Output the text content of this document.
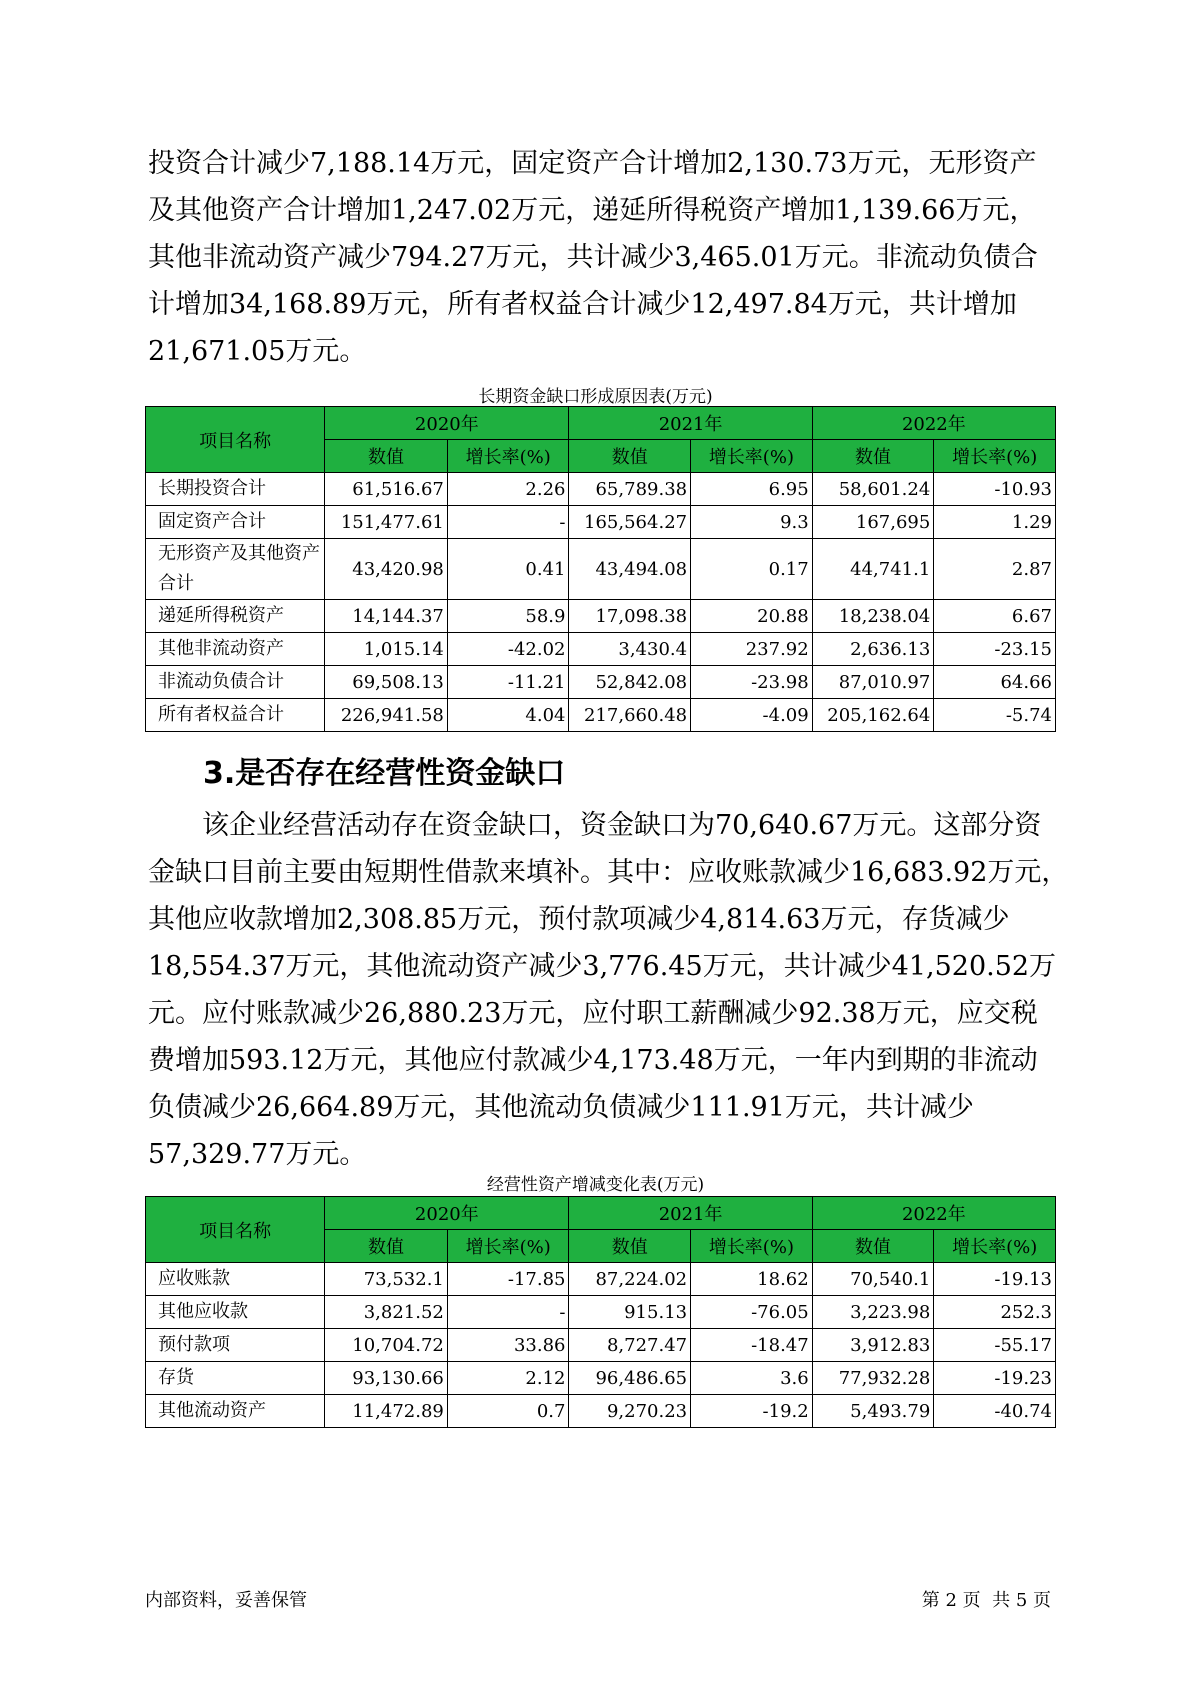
投资合计减少7,188.14万元，固定资产合计增加2,130.73万元，无形资产
及其他资产合计增加1,247.02万元，递延所得税资产增加1,139.66万元，
其他非流动资产减少794.27万元，共计减少3,465.01万元。非流动负债合
计增加34,168.89万元，所有者权益合计减少12,497.84万元，共计增加
21,671.05万元。
长期资金缺口形成原因表(万元)
项目名称	2020年		2021年		2022年	
	数值	增长率(%)	数值	增长率(%)	数值	增长率(%)
长期投资合计	61,516.67	2.26	65,789.38	6.95	58,601.24	-10.93
固定资产合计	151,477.61	-	165,564.27	9.3	167,695	1.29
无形资产及其他资产合计	43,420.98	0.41	43,494.08	0.17	44,741.1	2.87
递延所得税资产	14,144.37	58.9	17,098.38	20.88	18,238.04	6.67
其他非流动资产	1,015.14	-42.02	3,430.4	237.92	2,636.13	-23.15
非流动负债合计	69,508.13	-11.21	52,842.08	-23.98	87,010.97	64.66
所有者权益合计	226,941.58	4.04	217,660.48	-4.09	205,162.64	-5.74
3.是否存在经营性资金缺口
　　该企业经营活动存在资金缺口，资金缺口为70,640.67万元。这部分资
金缺口目前主要由短期性借款来填补。其中：应收账款减少16,683.92万元，
其他应收款增加2,308.85万元，预付款项减少4,814.63万元，存货减少
18,554.37万元，其他流动资产减少3,776.45万元，共计减少41,520.52万
元。应付账款减少26,880.23万元，应付职工薪酬减少92.38万元，应交税
费增加593.12万元，其他应付款减少4,173.48万元，一年内到期的非流动
负债减少26,664.89万元，其他流动负债减少111.91万元，共计减少
57,329.77万元。
经营性资产增减变化表(万元)
项目名称	2020年		2021年		2022年	
	数值	增长率(%)	数值	增长率(%)	数值	增长率(%)
应收账款	73,532.1	-17.85	87,224.02	18.62	70,540.1	-19.13
其他应收款	3,821.52	-	915.13	-76.05	3,223.98	252.3
预付款项	10,704.72	33.86	8,727.47	-18.47	3,912.83	-55.17
存货	93,130.66	2.12	96,486.65	3.6	77,932.28	-19.23
其他流动资产	11,472.89	0.7	9,270.23	-19.2	5,493.79	-40.74
内部资料，妥善保管	第 2 页  共 5 页
